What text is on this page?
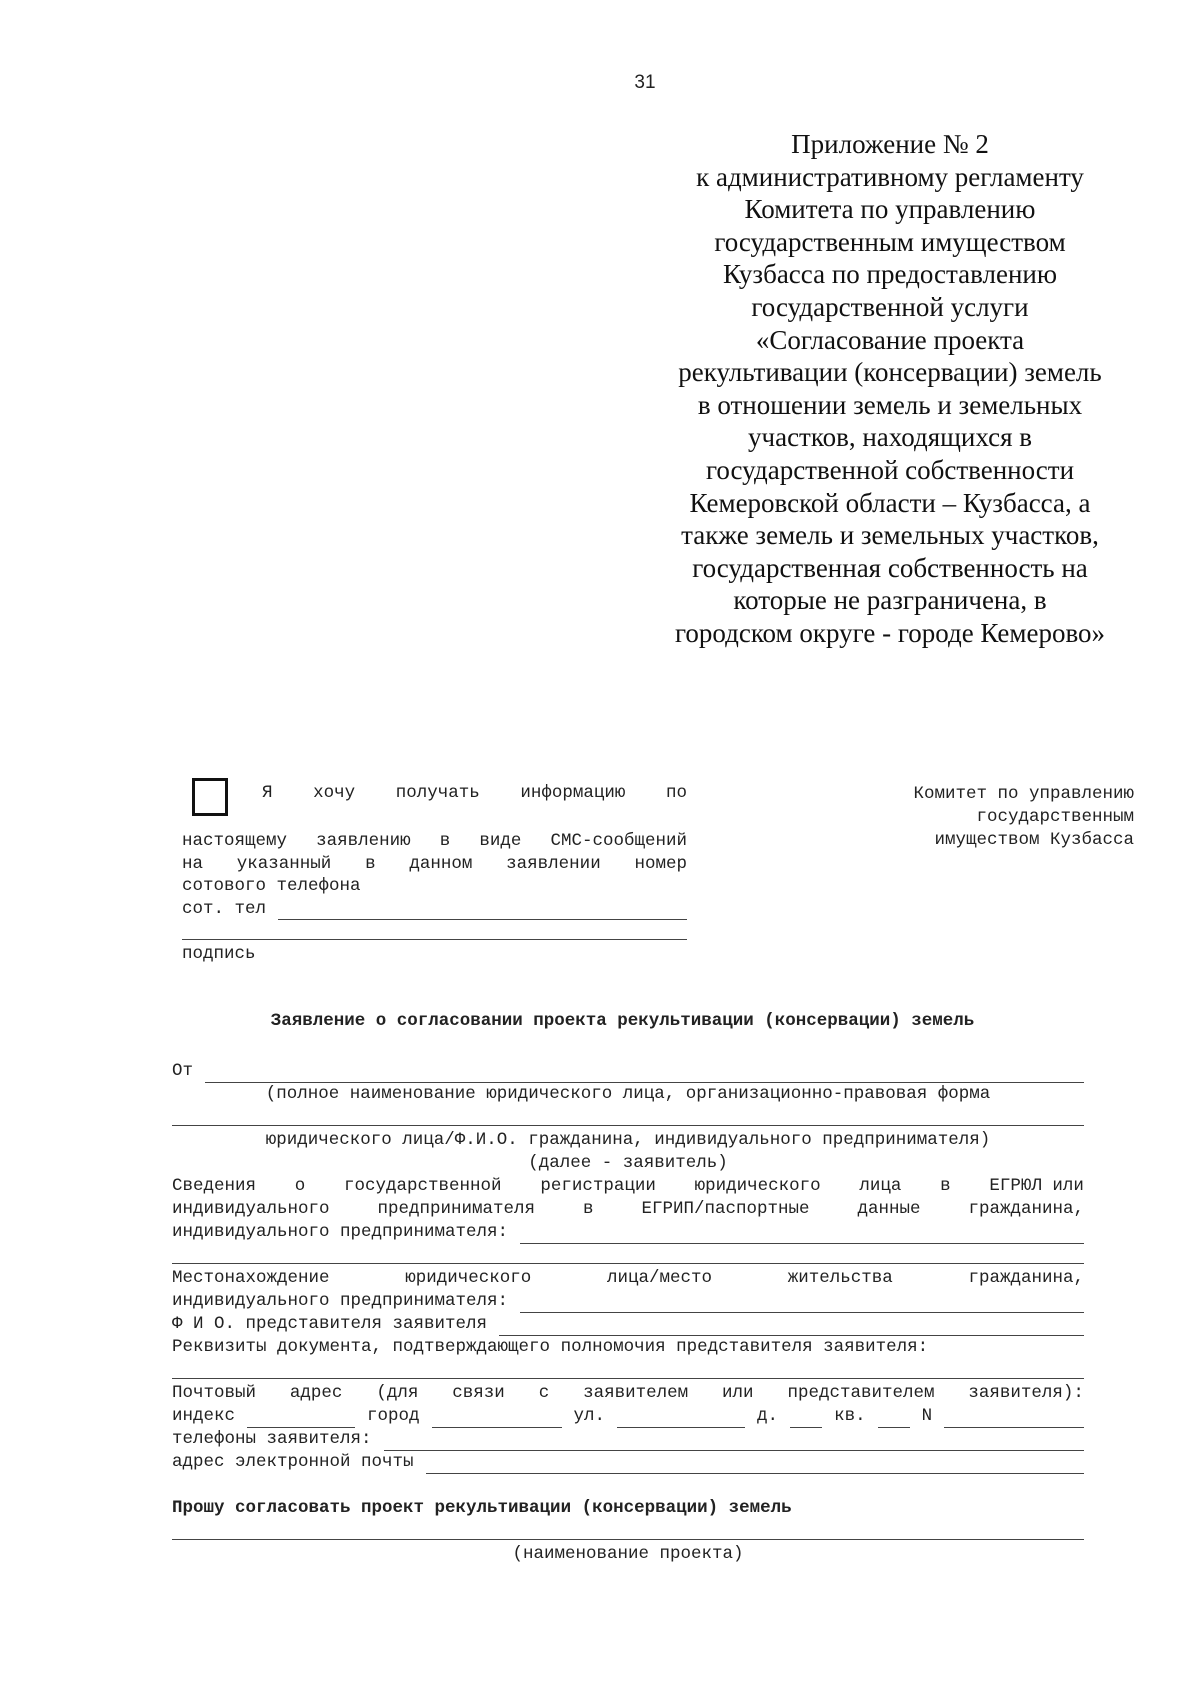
31
Приложение № 2
к административному регламенту
Комитета по управлению
государственным имуществом
Кузбасса по предоставлению
государственной услуги
«Согласование проекта
рекультивации (консервации) земель
в отношении земель и земельных
участков, находящихся в
государственной собственности
Кемеровской области – Кузбасса, а
также земель и земельных участков,
государственная собственность на
которые не разграничена, в
городском округе - городе Кемерово»
Я хочу получать информацию по
настоящему заявлению в виде СМС-сообщений
на указанный в данном заявлении номер
сотового телефона
сот. тел
подпись
Комитет по управлению
государственным
имуществом Кузбасса
Заявление о согласовании проекта рекультивации (консервации) земель
От
(полное наименование юридического лица, организационно-правовая форма
юридического лица/Ф.И.О. гражданина, индивидуального предпринимателя)
(далее - заявитель)
Сведения о государственной регистрации юридического лица в ЕГРЮЛ или
индивидуального	предпринимателя	в	ЕГРИП/паспортные	данные	гражданина,
индивидуального предпринимателя:
Местонахождение	юридического	лица/место	жительства	гражданина,
индивидуального предпринимателя:
Ф И О. представителя заявителя
Реквизиты документа, подтверждающего полномочия представителя заявителя:
Почтовый адрес (для связи с заявителем или представителем заявителя):
индекс	город	ул.	д.	кв.	N
телефоны заявителя:
адрес электронной почты
Прошу согласовать проект рекультивации (консервации) земель
(наименование проекта)
